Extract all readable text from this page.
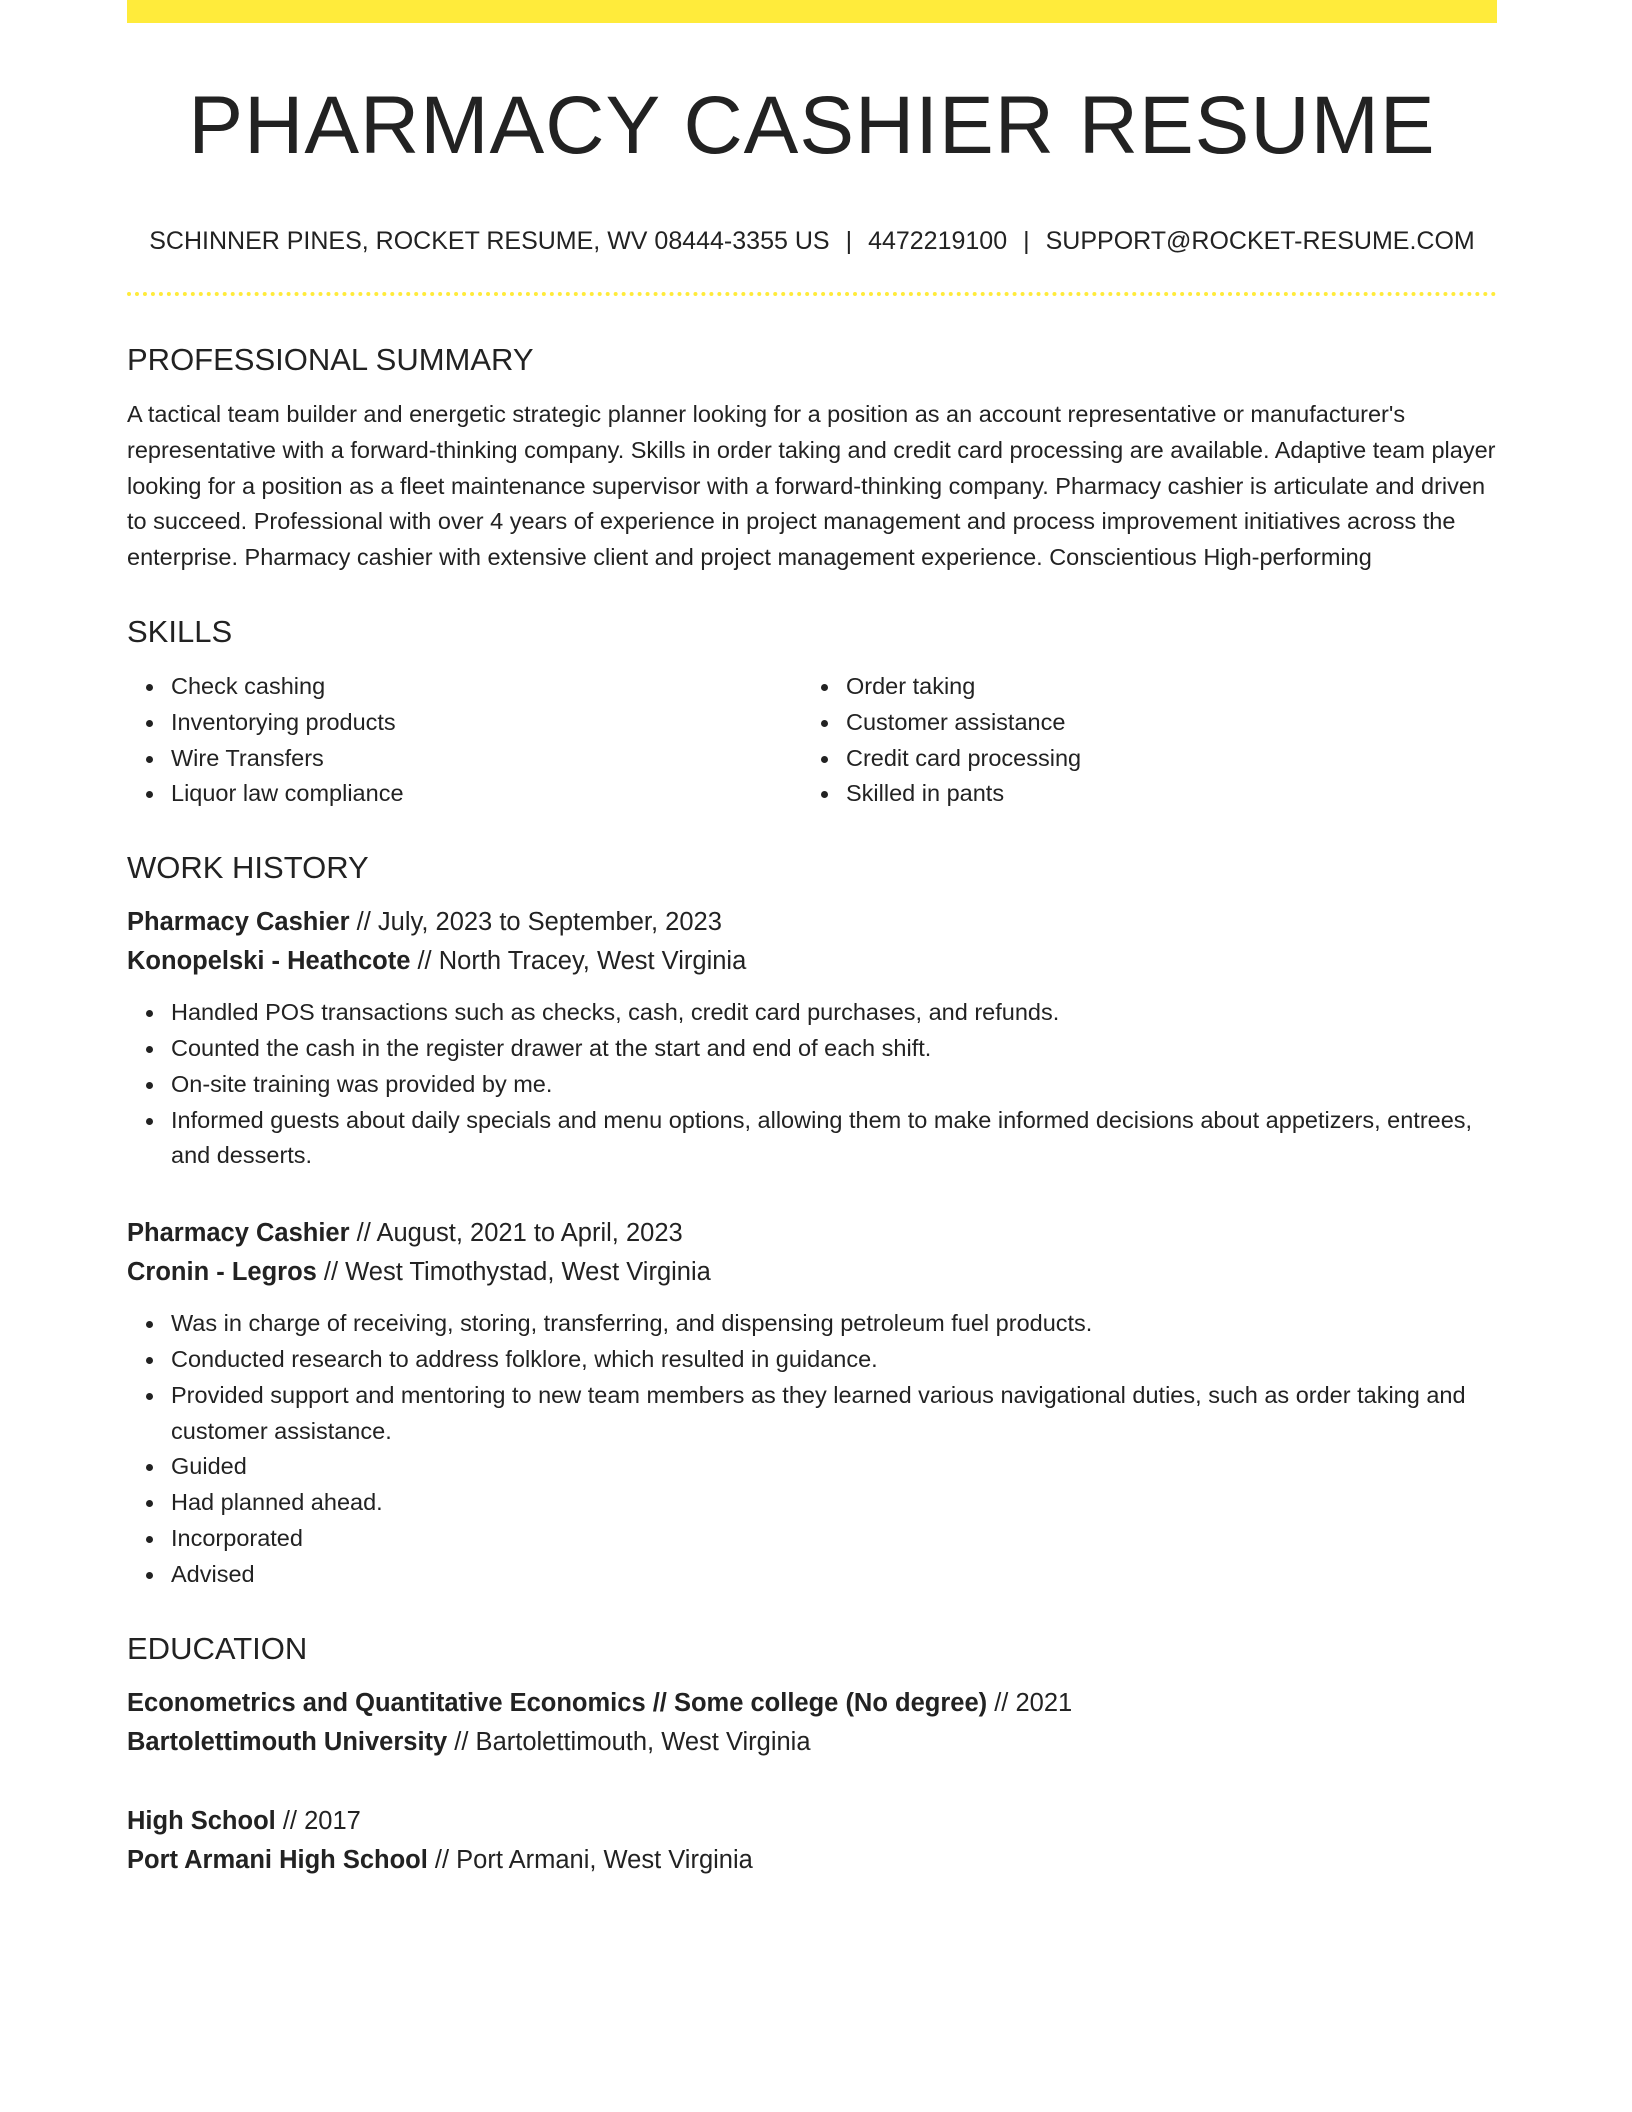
PHARMACY CASHIER RESUME
SCHINNER PINES, ROCKET RESUME, WV 08444-3355 US | 4472219100 | SUPPORT@ROCKET-RESUME.COM
PROFESSIONAL SUMMARY
A tactical team builder and energetic strategic planner looking for a position as an account representative or manufacturer's representative with a forward-thinking company. Skills in order taking and credit card processing are available. Adaptive team player looking for a position as a fleet maintenance supervisor with a forward-thinking company. Pharmacy cashier is articulate and driven to succeed. Professional with over 4 years of experience in project management and process improvement initiatives across the enterprise. Pharmacy cashier with extensive client and project management experience. Conscientious High-performing
SKILLS
Check cashing
Inventorying products
Wire Transfers
Liquor law compliance
Order taking
Customer assistance
Credit card processing
Skilled in pants
WORK HISTORY
Pharmacy Cashier // July, 2023 to September, 2023
Konopelski - Heathcote // North Tracey, West Virginia
Handled POS transactions such as checks, cash, credit card purchases, and refunds.
Counted the cash in the register drawer at the start and end of each shift.
On-site training was provided by me.
Informed guests about daily specials and menu options, allowing them to make informed decisions about appetizers, entrees, and desserts.
Pharmacy Cashier // August, 2021 to April, 2023
Cronin - Legros // West Timothystad, West Virginia
Was in charge of receiving, storing, transferring, and dispensing petroleum fuel products.
Conducted research to address folklore, which resulted in guidance.
Provided support and mentoring to new team members as they learned various navigational duties, such as order taking and customer assistance.
Guided
Had planned ahead.
Incorporated
Advised
EDUCATION
Econometrics and Quantitative Economics // Some college (No degree) // 2021
Bartolettimouth University // Bartolettimouth, West Virginia
High School // 2017
Port Armani High School // Port Armani, West Virginia
